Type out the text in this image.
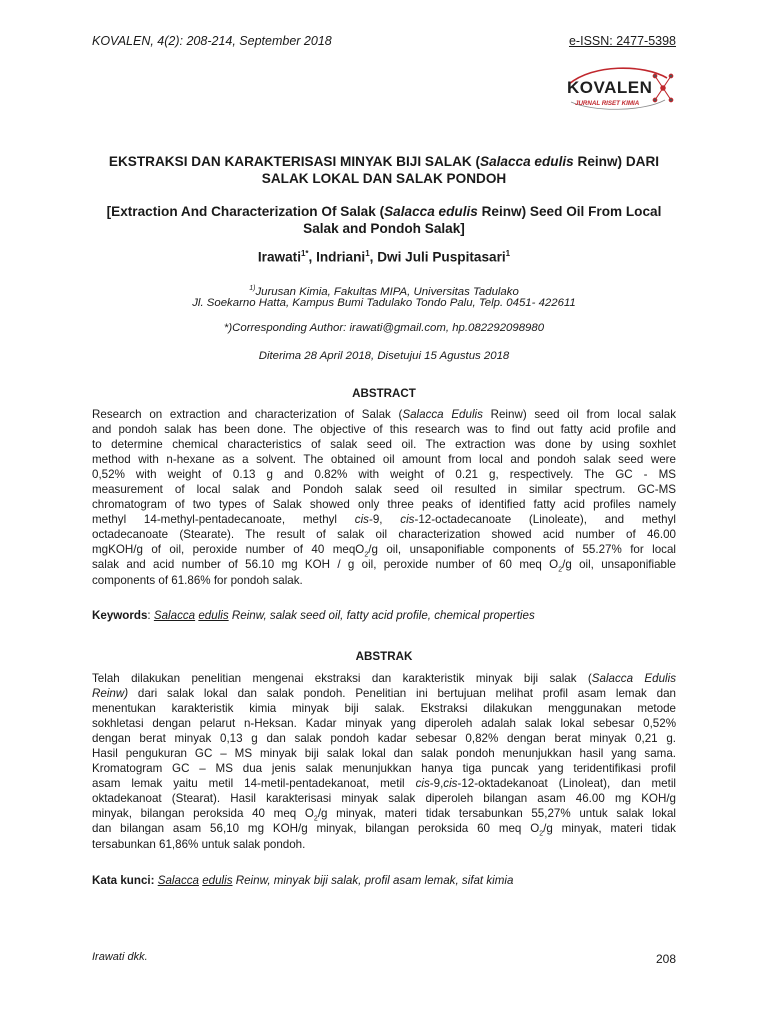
KOVALEN, 4(2): 208-214, September 2018	e-ISSN: 2477-5398
KOVALEN
JURNAL RISET KIMIA
EKSTRAKSI DAN KARAKTERISASI MINYAK BIJI SALAK (Salacca edulis Reinw) DARI
SALAK LOKAL DAN SALAK PONDOH
[Extraction And Characterization Of Salak (Salacca edulis Reinw) Seed Oil From Local
Salak and Pondoh Salak]
Irawati$^{1*}$, Indriani$^1$, Dwi Juli Puspitasari$^1$
$^{1)}$Jurusan Kimia, Fakultas MIPA, Universitas Tadulako
Jl. Soekarno Hatta, Kampus Bumi Tadulako Tondo Palu, Telp. 0451- 422611
*)Corresponding Author: irawati@gmail.com, hp.082292098980
Diterima 28 April 2018, Disetujui 15 Agustus 2018
ABSTRACT
Research on extraction and characterization of Salak (Salacca Edulis Reinw) seed oil from local salak
and pondoh salak has been done. The objective of this research was to find out fatty acid profile and
to determine chemical characteristics of salak seed oil. The extraction was done by using soxhlet
method with n-hexane as a solvent. The obtained oil amount from local and pondoh salak seed were
0,52% with weight of 0.13 g and 0.82% with weight of 0.21 g, respectively. The GC - MS
measurement of local salak and Pondoh salak seed oil resulted in similar spectrum. GC-MS
chromatogram of two types of Salak showed only three peaks of identified fatty acid profiles namely
methyl 14-methyl-pentadecanoate, methyl cis-9, cis-12-octadecanoate (Linoleate), and methyl
octadecanoate (Stearate). The result of salak oil characterization showed acid number of 46.00
mgKOH/g of oil, peroxide number of 40 meqO$_2$/g oil, unsaponifiable components of 55.27% for local
salak and acid number of 56.10 mg KOH / g oil, peroxide number of 60 meq $O_2/g$ oil, unsaponifiable
components of 61.86% for pondoh salak.
Keywords: Salacca edulis Reinw, salak seed oil, fatty acid profile, chemical properties
ABSTRAK
Telah dilakukan penelitian mengenai ekstraksi dan karakteristik minyak biji salak (Salacca Edulis
Reinw) dari salak lokal dan salak pondoh. Penelitian ini bertujuan melihat profil asam lemak dan
menentukan karakteristik kimia minyak biji salak. Ekstraksi dilakukan menggunakan metode
sokhletasi dengan pelarut n-Heksan. Kadar minyak yang diperoleh adalah salak lokal sebesar 0,52%
dengan berat minyak 0,13 g dan salak pondoh kadar sebesar 0,82% dengan berat minyak 0,21 g.
Hasil pengukuran GC – MS minyak biji salak lokal dan salak pondoh menunjukkan hasil yang sama.
Kromatogram GC – MS dua jenis salak menunjukkan hanya tiga puncak yang teridentifikasi profil
asam lemak yaitu metil 14-metil-pentadekanoat, metil cis-9,cis-12-oktadekanoat (Linoleat), dan metil
oktadekanoat (Stearat). Hasil karakterisasi minyak salak diperoleh bilangan asam 46.00 mg KOH/g
minyak, bilangan peroksida 40 meq $O_2/g$ minyak, materi tidak tersabunkan 55,27% untuk salak lokal
dan bilangan asam 56,10 mg KOH/g minyak, bilangan peroksida 60 meq $O_2/g$ minyak, materi tidak
tersabunkan 61,86% untuk salak pondoh.
Kata kunci: Salacca edulis Reinw, minyak biji salak, profil asam lemak, sifat kimia
Irawati dkk.	208
